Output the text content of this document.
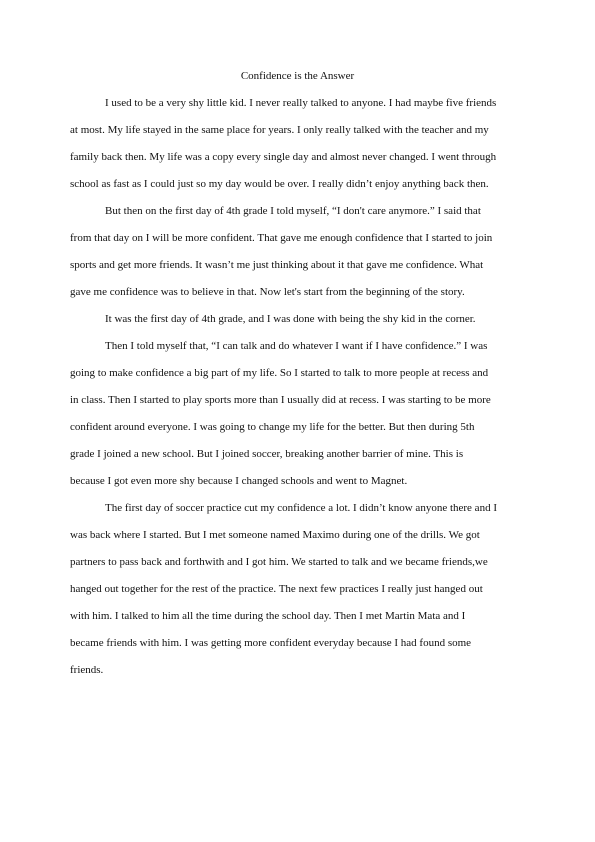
Confidence is the Answer
I used to be a very shy little kid. I never really talked to anyone. I had maybe five friends
at most. My life stayed in the same place for years. I only really talked with the teacher and my
family back then. My life was a copy every single day and almost never changed. I went through
school as fast as I could just so my day would be over. I really didn’t enjoy anything back then.
But then on the first day of 4th grade I told myself, “I don't care anymore.” I said that
from that day on I will be more confident. That gave me enough confidence that I started to join
sports and get more friends. It wasn’t me just thinking about it that gave me confidence. What
gave me confidence was to believe in that. Now let's start from the beginning of the story.
It was the first day of 4th grade, and I was done with being the shy kid in the corner.
Then I told myself that, “I can talk and do whatever I want if I have confidence.” I was
going to make confidence a big part of my life. So I started to talk to more people at recess and
in class. Then I started to play sports more than I usually did at recess. I was starting to be more
confident around everyone. I was going to change my life for the better. But then during 5th
grade I joined a new school. But I joined soccer, breaking another barrier of mine. This is
because I got even more shy because I changed schools and went to Magnet.
The first day of soccer practice cut my confidence a lot. I didn’t know anyone there and I
was back where I started. But I met someone named Maximo during one of the drills. We got
partners to pass back and forthwith and I got him. We started to talk and we became friends,we
hanged out together for the rest of the practice. The next few practices I really just hanged out
with him. I talked to him all the time during the school day. Then I met Martin Mata and I
became friends with him. I was getting more confident everyday because I had found some
friends.
